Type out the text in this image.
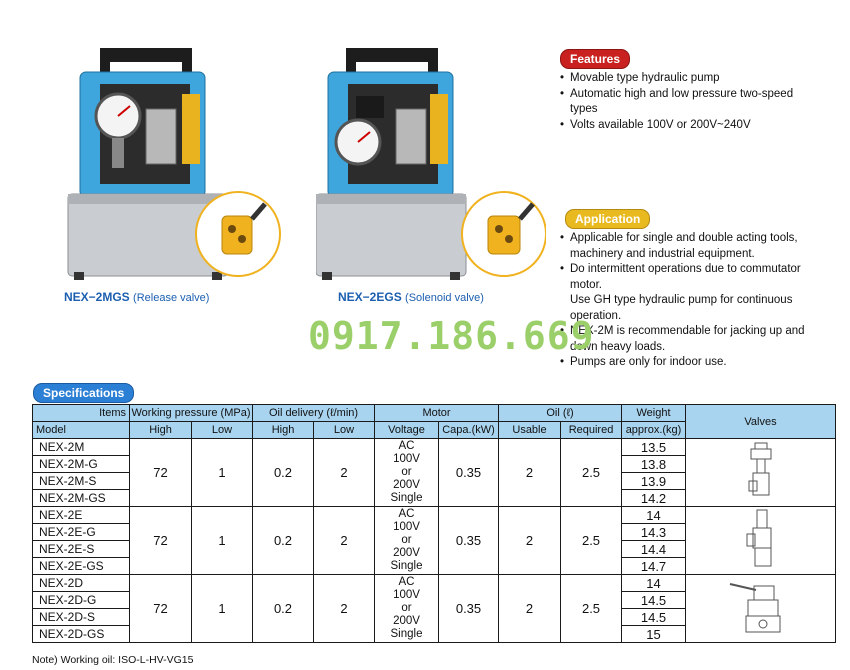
NEX−2MGS (Release valve)	NEX−2EGS (Solenoid valve)
Features
• Movable type hydraulic pump
• Automatic high and low pressure two-speed
types
• Volts available 100V or 200V~240V
Application
• Applicable for single and double acting tools,
machinery and industrial equipment.
• Do intermittent operations due to commutator
motor.
Use GH type hydraulic pump for continuous
operation.
• NEX-2M is recommendable for jacking up and
down heavy loads.
• Pumps are only for indoor use.
0917.186.669
Specifications
Items	Working pressure (MPa)		Oil delivery (ℓ/min)		Motor		Oil (ℓ)		Weight	Valves
Model	High	Low	High	Low	Voltage	Capa.(kW)	Usable	Required	approx.(kg)	
NEX-2M	72	1	0.2	2	AC
100V
or
200V
Single	0.35	2	2.5	13.5	
NEX-2M-G									13.8	
NEX-2M-S									13.9	
NEX-2M-GS									14.2	
NEX-2E	72	1	0.2	2	AC
100V
or
200V
Single	0.35	2	2.5	14	
NEX-2E-G									14.3	
NEX-2E-S									14.4	
NEX-2E-GS									14.7	
NEX-2D	72	1	0.2	2	AC
100V
or
200V
Single	0.35	2	2.5	14	
NEX-2D-G									14.5	
NEX-2D-S									14.5	
NEX-2D-GS									15	
Note) Working oil: ISO-L-HV-VG15
